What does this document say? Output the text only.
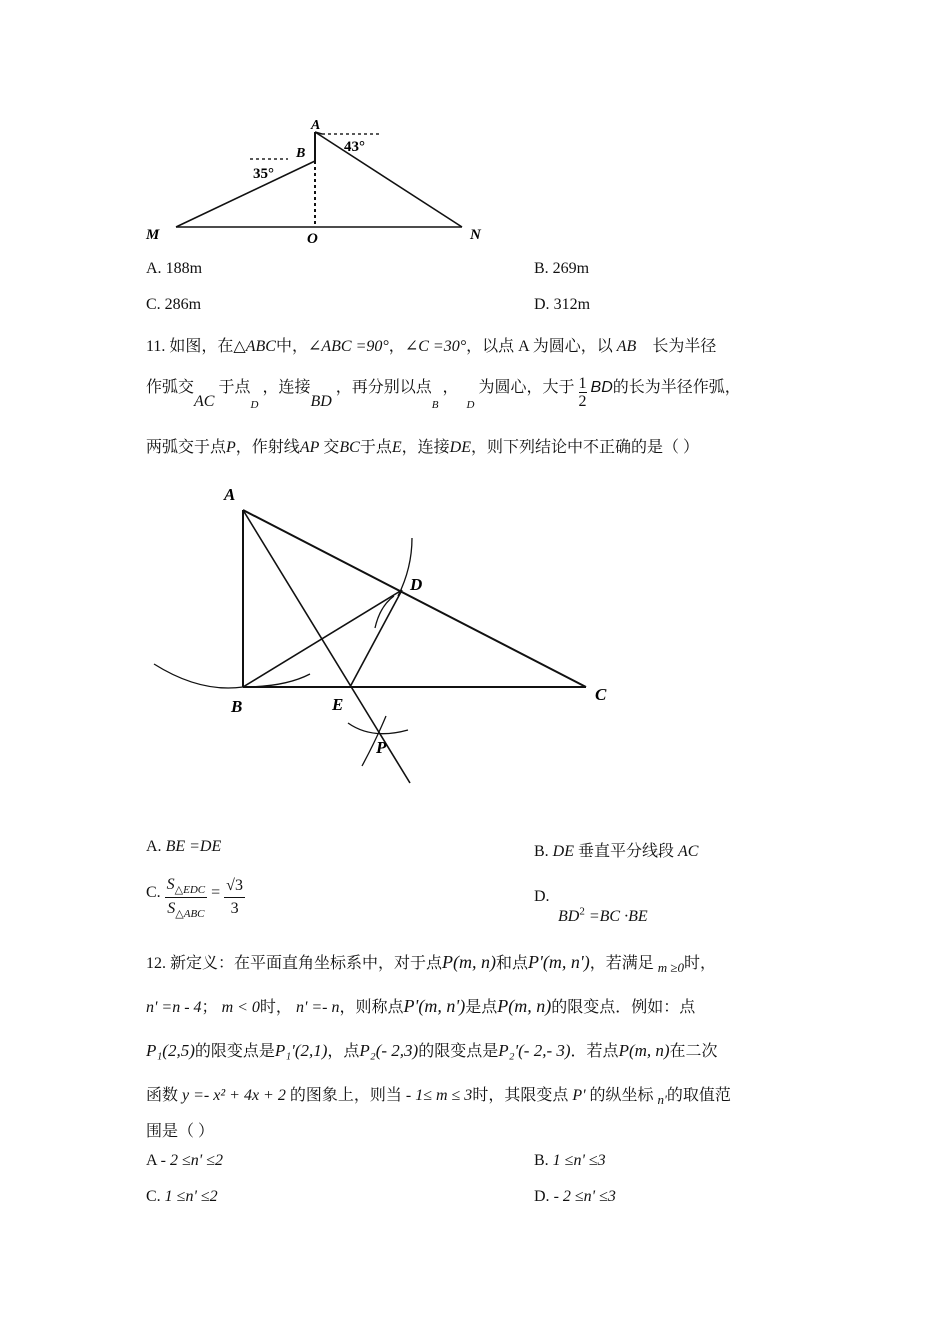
A
B
35°
43°
M	O	N
A. 188m	B. 269m
C. 286m	D. 312m
11. 如图，在△ABC中，∠ABC =90°，∠C =30°，以点 A 为圆心，以 AB 长为半径
作弧交AC 于点$_D$ ，连接BD ，再分别以点$_B$ ，  $_D$ 为圆心，大于 $\frac{1}{2}$ BD的长为半径作弧，
两弧交于点P，作射线AP 交BC于点E，连接DE，则下列结论中不正确的是（ ）
A
B
C
D
E
P
A. BE =DE	B. DE 垂直平分线段 AC
C. $S_{\triangle EDC}$
$S_{\triangle ABC}$
= $\frac{√3}{3}$	D.
$BD^2 =BC \cdot BE$
12. 新定义：在平面直角坐标系中，对于点P(m, n)和点P'(m, n')，若满足 $_{m \ge 0}$时，
n' =n - 4； m < 0时， n' =- n，则称点P'(m, n')是点P(m, n)的限变点．例如：点
P₁(2,5)的限变点是P₁'(2,1)，点P₂(- 2,3)的限变点是P₂'(- 2,- 3)．若点P(m, n)在二次
函数 y =- x² + 4x + 2 的图象上，则当 - 1≤ m ≤ 3时，其限变点 P' 的纵坐标 $_{n'}$的取值范
围是（ ）
A - 2 ≤n' ≤2	B. 1 ≤n' ≤3
C. 1 ≤n' ≤2	D. - 2 ≤n' ≤3
